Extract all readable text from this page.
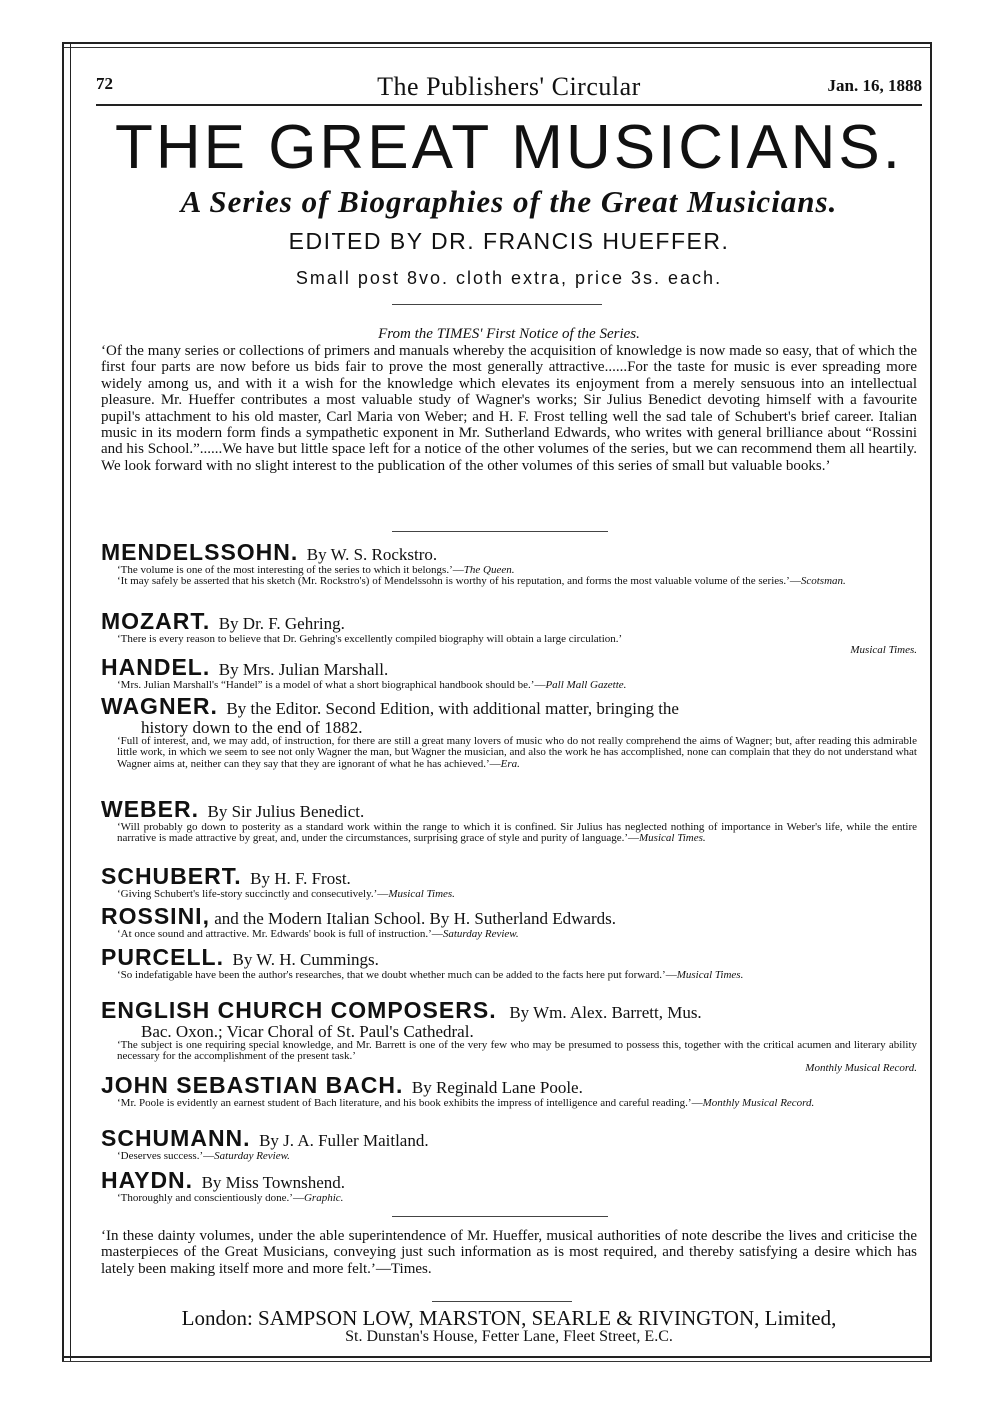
72	The Publishers' Circular	Jan. 16, 1888
THE GREAT MUSICIANS.
A Series of Biographies of the Great Musicians.
EDITED BY DR. FRANCIS HUEFFER.
Small post 8vo. cloth extra, price 3s. each.
From the TIMES' First Notice of the Series.
‘Of the many series or collections of primers and manuals whereby the acquisition of knowledge is now made so easy, that of which the first four parts are now before us bids fair to prove the most generally attractive......For the taste for music is ever spreading more widely among us, and with it a wish for the knowledge which elevates its enjoyment from a merely sensuous into an intellectual pleasure. Mr. Hueffer contributes a most valuable study of Wagner's works; Sir Julius Benedict devoting himself with a favourite pupil's attachment to his old master, Carl Maria von Weber; and H. F. Frost telling well the sad tale of Schubert's brief career. Italian music in its modern form finds a sympathetic exponent in Mr. Sutherland Edwards, who writes with general brilliance about “Rossini and his School.”......We have but little space left for a notice of the other volumes of the series, but we can recommend them all heartily. We look forward with no slight interest to the publication of the other volumes of this series of small but valuable books.’
MENDELSSOHN. By W. S. Rockstro.
‘The volume is one of the most interesting of the series to which it belongs.’—The Queen.
‘It may safely be asserted that his sketch (Mr. Rockstro's) of Mendelssohn is worthy of his reputation, and forms the most valuable volume of the series.’—Scotsman.
MOZART. By Dr. F. Gehring.
‘There is every reason to believe that Dr. Gehring's excellently compiled biography will obtain a large circulation.’
Musical Times.
HANDEL. By Mrs. Julian Marshall.
‘Mrs. Julian Marshall's “Handel” is a model of what a short biographical handbook should be.’—Pall Mall Gazette.
WAGNER. By the Editor. Second Edition, with additional matter, bringing the
history down to the end of 1882.
‘Full of interest, and, we may add, of instruction, for there are still a great many lovers of music who do not really comprehend the aims of Wagner; but, after reading this admirable little work, in which we seem to see not only Wagner the man, but Wagner the musician, and also the work he has accomplished, none can complain that they do not understand what Wagner aims at, neither can they say that they are ignorant of what he has achieved.’—Era.
WEBER. By Sir Julius Benedict.
‘Will probably go down to posterity as a standard work within the range to which it is confined. Sir Julius has neglected nothing of importance in Weber's life, while the entire narrative is made attractive by great, and, under the circumstances, surprising grace of style and purity of language.’—Musical Times.
SCHUBERT. By H. F. Frost.
‘Giving Schubert's life-story succinctly and consecutively.’—Musical Times.
ROSSINI, and the Modern Italian School. By H. Sutherland Edwards.
‘At once sound and attractive. Mr. Edwards' book is full of instruction.’—Saturday Review.
PURCELL. By W. H. Cummings.
‘So indefatigable have been the author's researches, that we doubt whether much can be added to the facts here put forward.’—Musical Times.
ENGLISH CHURCH COMPOSERS. By Wm. Alex. Barrett, Mus.
Bac. Oxon.; Vicar Choral of St. Paul's Cathedral.
‘The subject is one requiring special knowledge, and Mr. Barrett is one of the very few who may be presumed to possess this, together with the critical acumen and literary ability necessary for the accomplishment of the present task.’
Monthly Musical Record.
JOHN SEBASTIAN BACH. By Reginald Lane Poole.
‘Mr. Poole is evidently an earnest student of Bach literature, and his book exhibits the impress of intelligence and careful reading.’—Monthly Musical Record.
SCHUMANN. By J. A. Fuller Maitland.
‘Deserves success.’—Saturday Review.
HAYDN. By Miss Townshend.
‘Thoroughly and conscientiously done.’—Graphic.
‘In these dainty volumes, under the able superintendence of Mr. Hueffer, musical authorities of note describe the lives and criticise the masterpieces of the Great Musicians, conveying just such information as is most required, and thereby satisfying a desire which has lately been making itself more and more felt.’—Times.
London: SAMPSON LOW, MARSTON, SEARLE & RIVINGTON, Limited,
St. Dunstan's House, Fetter Lane, Fleet Street, E.C.
